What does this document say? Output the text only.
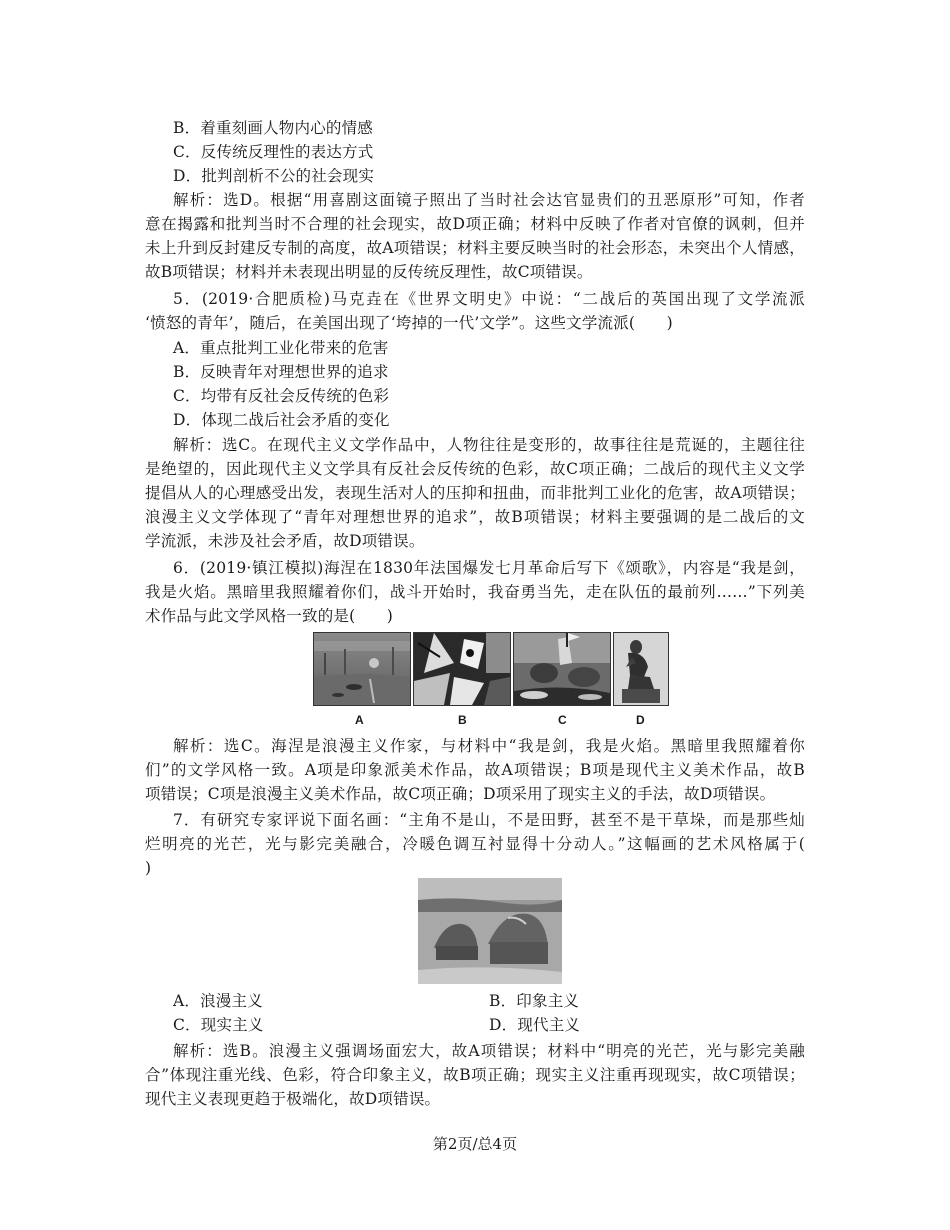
B．着重刻画人物内心的情感
C．反传统反理性的表达方式
D．批判剖析不公的社会现实
解析：选D。根据“用喜剧这面镜子照出了当时社会达官显贵们的丑恶原形”可知，作者
意在揭露和批判当时不合理的社会现实，故D项正确；材料中反映了作者对官僚的讽刺，但并
未上升到反封建反专制的高度，故A项错误；材料主要反映当时的社会形态，未突出个人情感，
故B项错误；材料并未表现出明显的反传统反理性，故C项错误。
5．(2019·合肥质检)马克垚在《世界文明史》中说：“二战后的英国出现了文学流派
‘愤怒的青年’，随后，在美国出现了‘垮掉的一代’文学”。这些文学流派(　　)
A．重点批判工业化带来的危害
B．反映青年对理想世界的追求
C．均带有反社会反传统的色彩
D．体现二战后社会矛盾的变化
解析：选C。在现代主义文学作品中，人物往往是变形的，故事往往是荒诞的，主题往往
是绝望的，因此现代主义文学具有反社会反传统的色彩，故C项正确；二战后的现代主义文学
提倡从人的心理感受出发，表现生活对人的压抑和扭曲，而非批判工业化的危害，故A项错误；
浪漫主义文学体现了“青年对理想世界的追求”，故B项错误；材料主要强调的是二战后的文
学流派，未涉及社会矛盾，故D项错误。
6．(2019·镇江模拟)海涅在1830年法国爆发七月革命后写下《颂歌》，内容是“我是剑，
我是火焰。黑暗里我照耀着你们，战斗开始时，我奋勇当先，走在队伍的最前列……”下列美
术作品与此文学风格一致的是(　　)
A	B	C	D
解析：选C。海涅是浪漫主义作家，与材料中“我是剑，我是火焰。黑暗里我照耀着你
们”的文学风格一致。A项是印象派美术作品，故A项错误；B项是现代主义美术作品，故B
项错误；C项是浪漫主义美术作品，故C项正确；D项采用了现实主义的手法，故D项错误。
7．有研究专家评说下面名画：“主角不是山，不是田野，甚至不是干草垛，而是那些灿
烂明亮的光芒，光与影完美融合，冷暖色调互衬显得十分动人。”这幅画的艺术风格属于(
)
A．浪漫主义	B．印象主义
C．现实主义	D．现代主义
解析：选B。浪漫主义强调场面宏大，故A项错误；材料中“明亮的光芒，光与影完美融
合”体现注重光线、色彩，符合印象主义，故B项正确；现实主义注重再现现实，故C项错误；
现代主义表现更趋于极端化，故D项错误。
第2页/总4页
